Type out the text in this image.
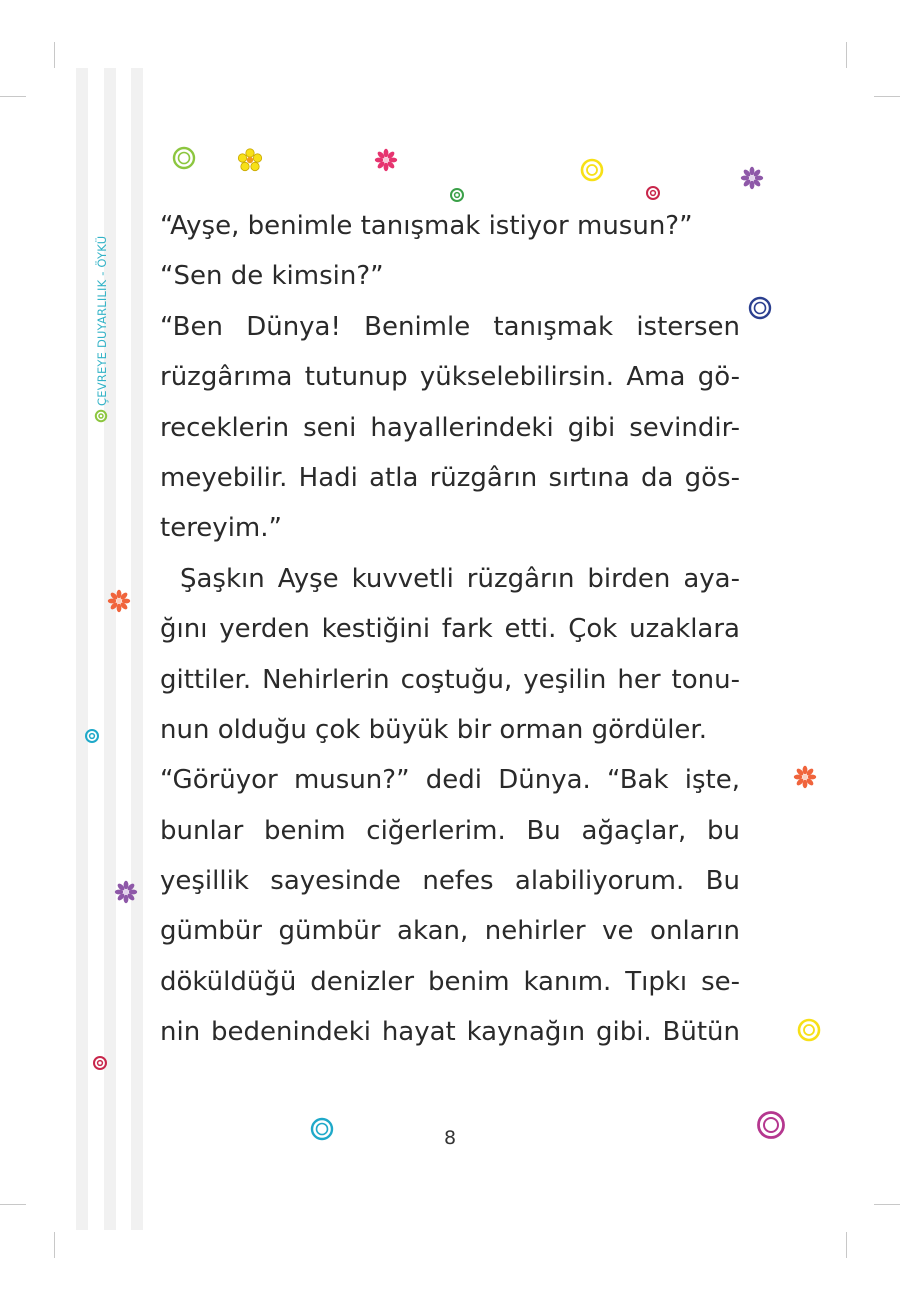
ÇEVREYE DUYARLILIK - ÖYKÜ
“Ayşe, benimle tanışmak istiyor musun?”
“Sen de kimsin?”
“Ben Dünya! Benimle tanışmak istersen
rüzgârıma tutunup yükselebilirsin. Ama gö-
receklerin seni hayallerindeki gibi sevindir-
meyebilir. Hadi atla rüzgârın sırtına da gös-
tereyim.”
Şaşkın Ayşe kuvvetli rüzgârın birden aya-
ğını yerden kestiğini fark etti. Çok uzaklara
gittiler. Nehirlerin coştuğu, yeşilin her tonu-
nun olduğu çok büyük bir orman gördüler.
“Görüyor musun?” dedi Dünya. “Bak işte,
bunlar benim ciğerlerim. Bu ağaçlar, bu
yeşillik sayesinde nefes alabiliyorum. Bu
gümbür gümbür akan, nehirler ve onların
döküldüğü denizler benim kanım. Tıpkı se-
nin bedenindeki hayat kaynağın gibi. Bütün
8
